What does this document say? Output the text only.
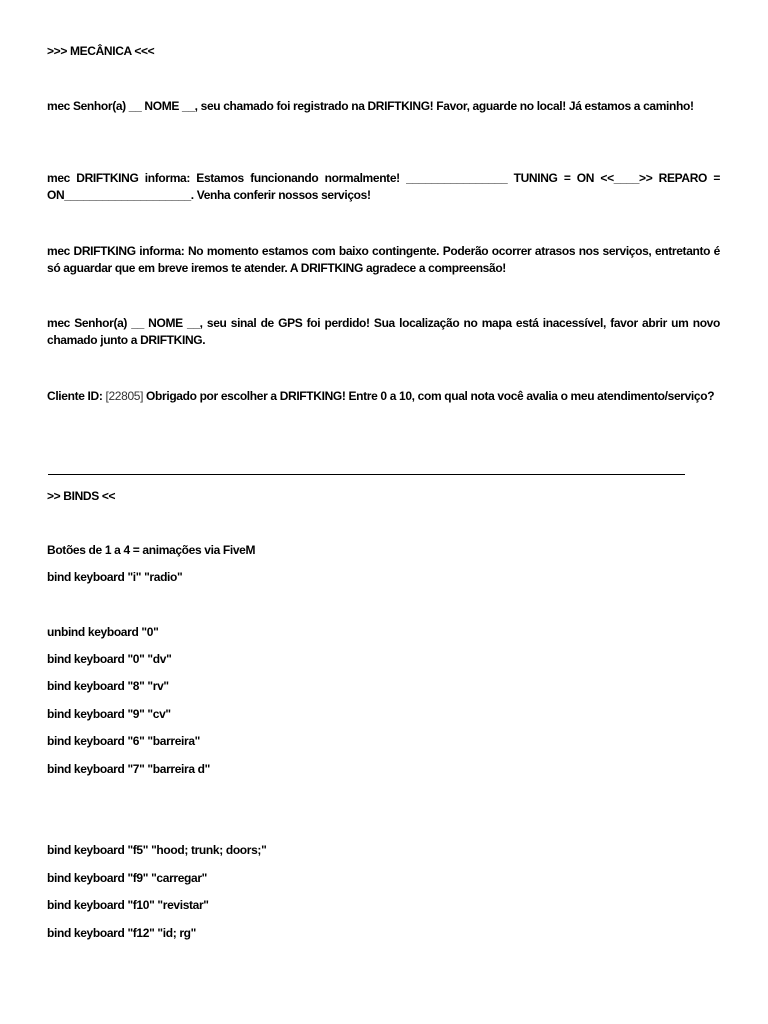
>>> MECÂNICA <<<
mec Senhor(a) __ NOME __, seu chamado foi registrado na DRIFTKING! Favor, aguarde no local! Já estamos a caminho!
mec DRIFTKING informa: Estamos funcionando normalmente! ________________ TUNING = ON <<____>> REPARO = ON____________________. Venha conferir nossos serviços!
mec DRIFTKING informa: No momento estamos com baixo contingente. Poderão ocorrer atrasos nos serviços, entretanto é só aguardar que em breve iremos te atender. A DRIFTKING agradece a compreensão!
mec Senhor(a) __ NOME __, seu sinal de GPS foi perdido! Sua localização no mapa está inacessível, favor abrir um novo chamado junto a DRIFTKING.
Cliente ID: [22805] Obrigado por escolher a DRIFTKING! Entre 0 a 10, com qual nota você avalia o meu atendimento/serviço?
>> BINDS <<
Botões de 1 a 4 = animações via FiveM
bind keyboard "i" "radio"
unbind keyboard "0"
bind keyboard "0" "dv"
bind keyboard "8" "rv"
bind keyboard "9" "cv"
bind keyboard "6" "barreira"
bind keyboard "7" "barreira d"
bind keyboard "f5" "hood; trunk; doors;"
bind keyboard "f9" "carregar"
bind keyboard "f10" "revistar"
bind keyboard "f12" "id; rg"
